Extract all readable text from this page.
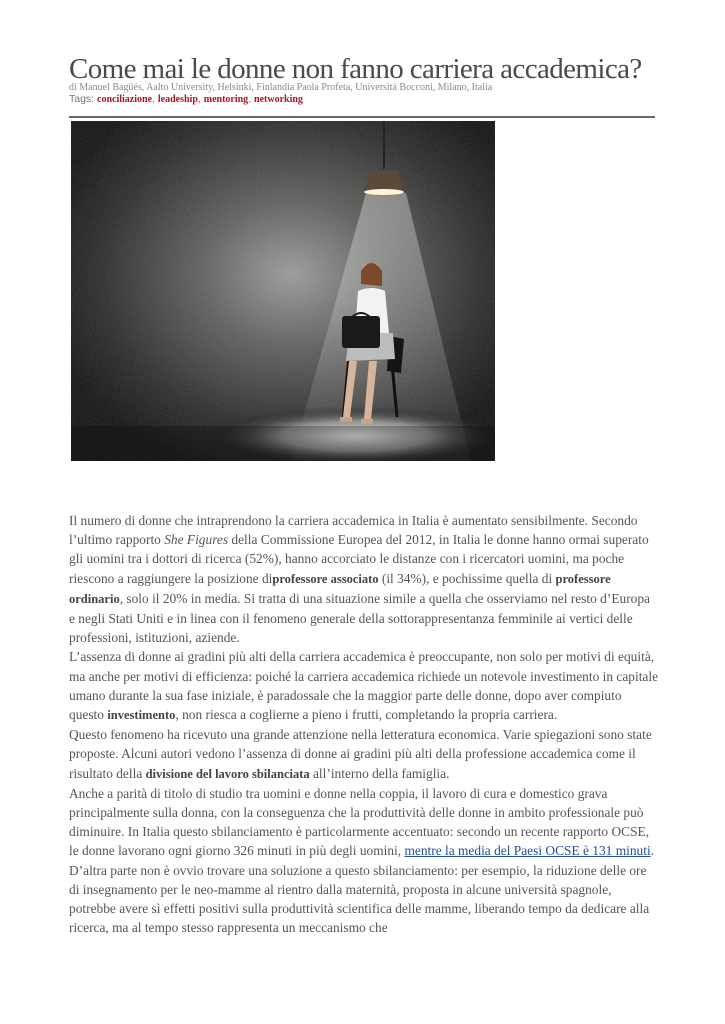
Come mai le donne non fanno carriera accademica?
di Manuel Bagüés, Aalto University, Helsinki, Finlandia Paola Profeta, Università Bocconi, Milano, Italia
Tags: conciliazione, leadeship, mentoring, networking

Il numero di donne che intraprendono la carriera accademica in Italia è aumentato sensibilmente. Secondo l’ultimo rapporto She Figures della Commissione Europea del 2012, in Italia le donne hanno ormai superato gli uomini tra i dottori di ricerca (52%), hanno accorciato le distanze con i ricercatori uomini, ma poche riescono a raggiungere la posizione diprofessore associato (il 34%), e pochissime quella di professore ordinario, solo il 20% in media. Si tratta di una situazione simile a quella che osserviamo nel resto d’Europa e negli Stati Uniti e in linea con il fenomeno generale della sottorappresentanza femminile ai vertici delle professioni, istituzioni, aziende.

L’assenza di donne ai gradini più alti della carriera accademica è preoccupante, non solo per motivi di equità, ma anche per motivi di efficienza: poiché la carriera accademica richiede un notevole investimento in capitale umano durante la sua fase iniziale, è paradossale che la maggior parte delle donne, dopo aver compiuto questo investimento, non riesca a coglierne a pieno i frutti, completando la propria carriera.

Questo fenomeno ha ricevuto una grande attenzione nella letteratura economica. Varie spiegazioni sono state proposte. Alcuni autori vedono l’assenza di donne ai gradini più alti della professione accademica come il risultato della divisione del lavoro sbilanciata all’interno della famiglia.

Anche a parità di titolo di studio tra uomini e donne nella coppia, il lavoro di cura e domestico grava principalmente sulla donna, con la conseguenza che la produttività delle donne in ambito professionale può diminuire. In Italia questo sbilanciamento è particolarmente accentuato: secondo un recente rapporto OCSE, le donne lavorano ogni giorno 326 minuti in più degli uomini, mentre la media del Paesi OCSE è 131 minuti. D’altra parte non è ovvio trovare una soluzione a questo sbilanciamento: per esempio, la riduzione delle ore di insegnamento per le neo-mamme al rientro dalla maternità, proposta in alcune università spagnole, potrebbe avere sì effetti positivi sulla produttività scientifica delle mamme, liberando tempo da dedicare alla ricerca, ma al tempo stesso rappresenta un meccanismo che
